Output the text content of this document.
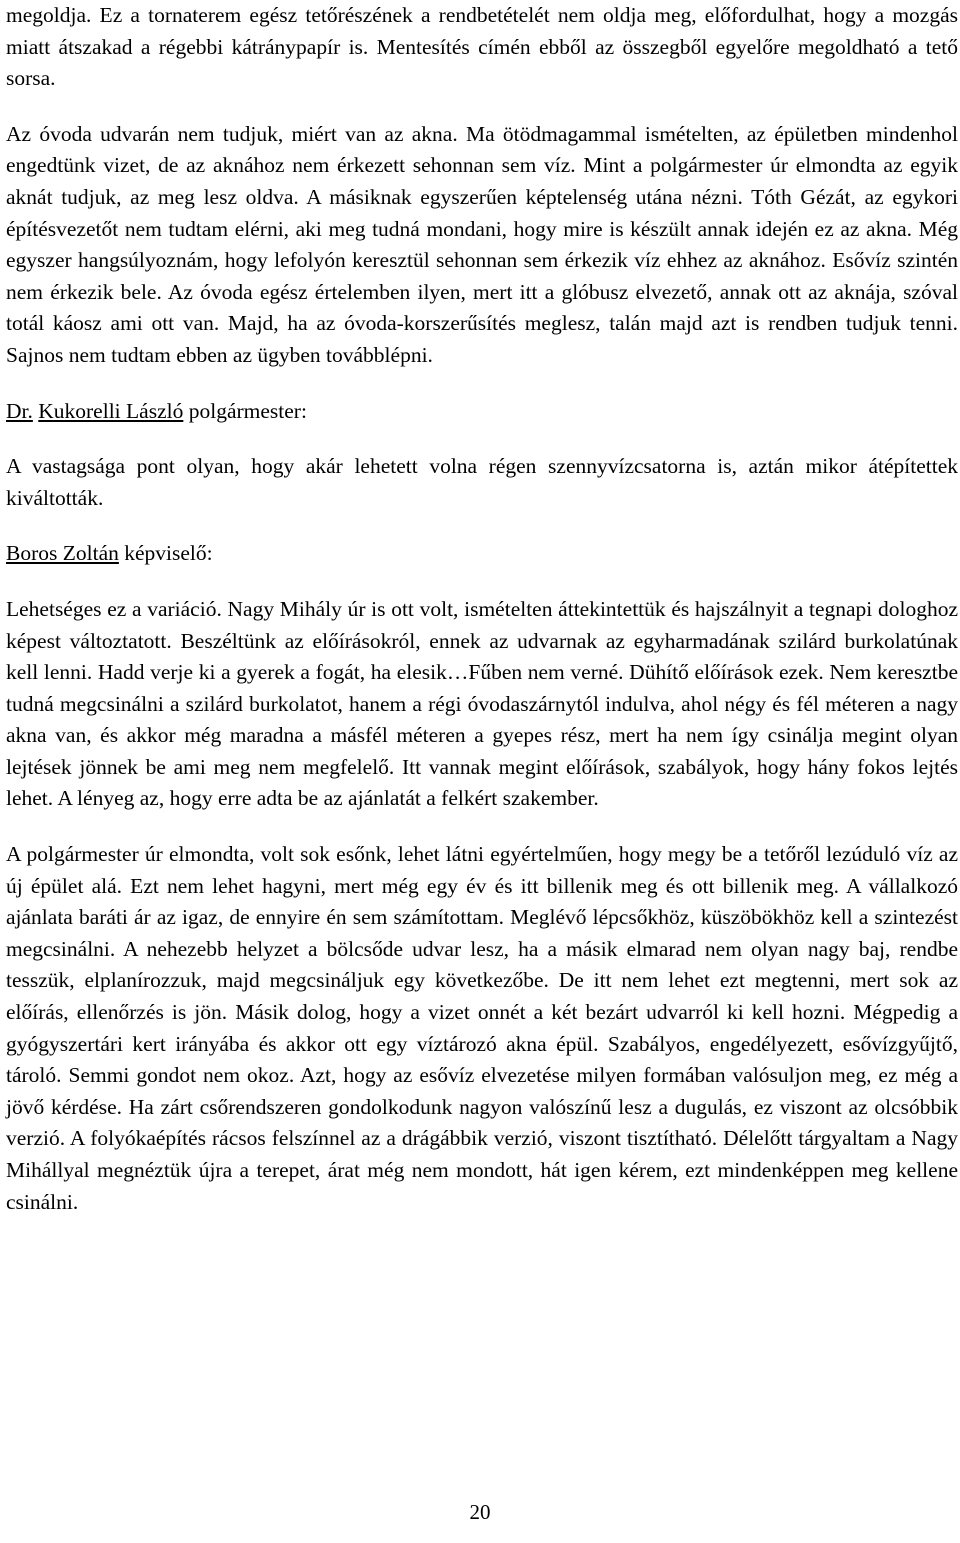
megoldja. Ez a tornaterem egész tetőrészének a rendbetételét nem oldja meg, előfordulhat, hogy a mozgás miatt átszakad a régebbi kátránypapír is. Mentesítés címén ebből az összegből egyelőre megoldható a tető sorsa.

Az óvoda udvarán nem tudjuk, miért van az akna. Ma ötödmagammal ismételten, az épületben mindenhol engedtünk vizet, de az aknához nem érkezett sehonnan sem víz. Mint a polgármester úr elmondta az egyik aknát tudjuk, az meg lesz oldva. A másiknak egyszerűen képtelenség utána nézni. Tóth Gézát, az egykori építésvezetőt nem tudtam elérni, aki meg tudná mondani, hogy mire is készült annak idején ez az akna. Még egyszer hangsúlyoznám, hogy lefolyón keresztül sehonnan sem érkezik víz ehhez az aknához. Esővíz szintén nem érkezik bele. Az óvoda egész értelemben ilyen, mert itt a glóbusz elvezető, annak ott az aknája, szóval totál káosz ami ott van. Majd, ha az óvoda-korszerűsítés meglesz, talán majd azt is rendben tudjuk tenni. Sajnos nem tudtam ebben az ügyben továbblépni.

Dr. Kukorelli László polgármester:

A vastagsága pont olyan, hogy akár lehetett volna régen szennyvízcsatorna is, aztán mikor átépítettek kiváltották.

Boros Zoltán képviselő:

Lehetséges ez a variáció. Nagy Mihály úr is ott volt, ismételten áttekintettük és hajszálnyit a tegnapi dologhoz képest változtatott. Beszéltünk az előírásokról, ennek az udvarnak az egyharmadának szilárd burkolatúnak kell lenni. Hadd verje ki a gyerek a fogát, ha elesik…Fűben nem verné. Dühítő előírások ezek. Nem keresztbe tudná megcsinálni a szilárd burkolatot, hanem a régi óvodaszárnytól indulva, ahol négy és fél méteren a nagy akna van, és akkor még maradna a másfél méteren a gyepes rész, mert ha nem így csinálja megint olyan lejtések jönnek be ami meg nem megfelelő. Itt vannak megint előírások, szabályok, hogy hány fokos lejtés lehet. A lényeg az, hogy erre adta be az ajánlatát a felkért szakember.

A polgármester úr elmondta, volt sok esőnk, lehet látni egyértelműen, hogy megy be a tetőről lezúduló víz az új épület alá. Ezt nem lehet hagyni, mert még egy év és itt billenik meg és ott billenik meg. A vállalkozó ajánlata baráti ár az igaz, de ennyire én sem számítottam. Meglévő lépcsőkhöz, küszöbökhöz kell a szintezést megcsinálni. A nehezebb helyzet a bölcsőde udvar lesz, ha a másik elmarad nem olyan nagy baj, rendbe tesszük, elplanírozzuk, majd megcsináljuk egy következőbe. De itt nem lehet ezt megtenni, mert sok az előírás, ellenőrzés is jön. Másik dolog, hogy a vizet onnét a két bezárt udvarról ki kell hozni. Mégpedig a gyógyszertári kert irányába és akkor ott egy víztározó akna épül. Szabályos, engedélyezett, esővízgyűjtő, tároló. Semmi gondot nem okoz. Azt, hogy az esővíz elvezetése milyen formában valósuljon meg, ez még a jövő kérdése. Ha zárt csőrendszeren gondolkodunk nagyon valószínű lesz a dugulás, ez viszont az olcsóbbik verzió. A folyókaépítés rácsos felszínnel az a drágábbik verzió, viszont tisztítható. Délelőtt tárgyaltam a Nagy Mihállyal megnéztük újra a terepet, árat még nem mondott, hát igen kérem, ezt mindenképpen meg kellene csinálni.

20
